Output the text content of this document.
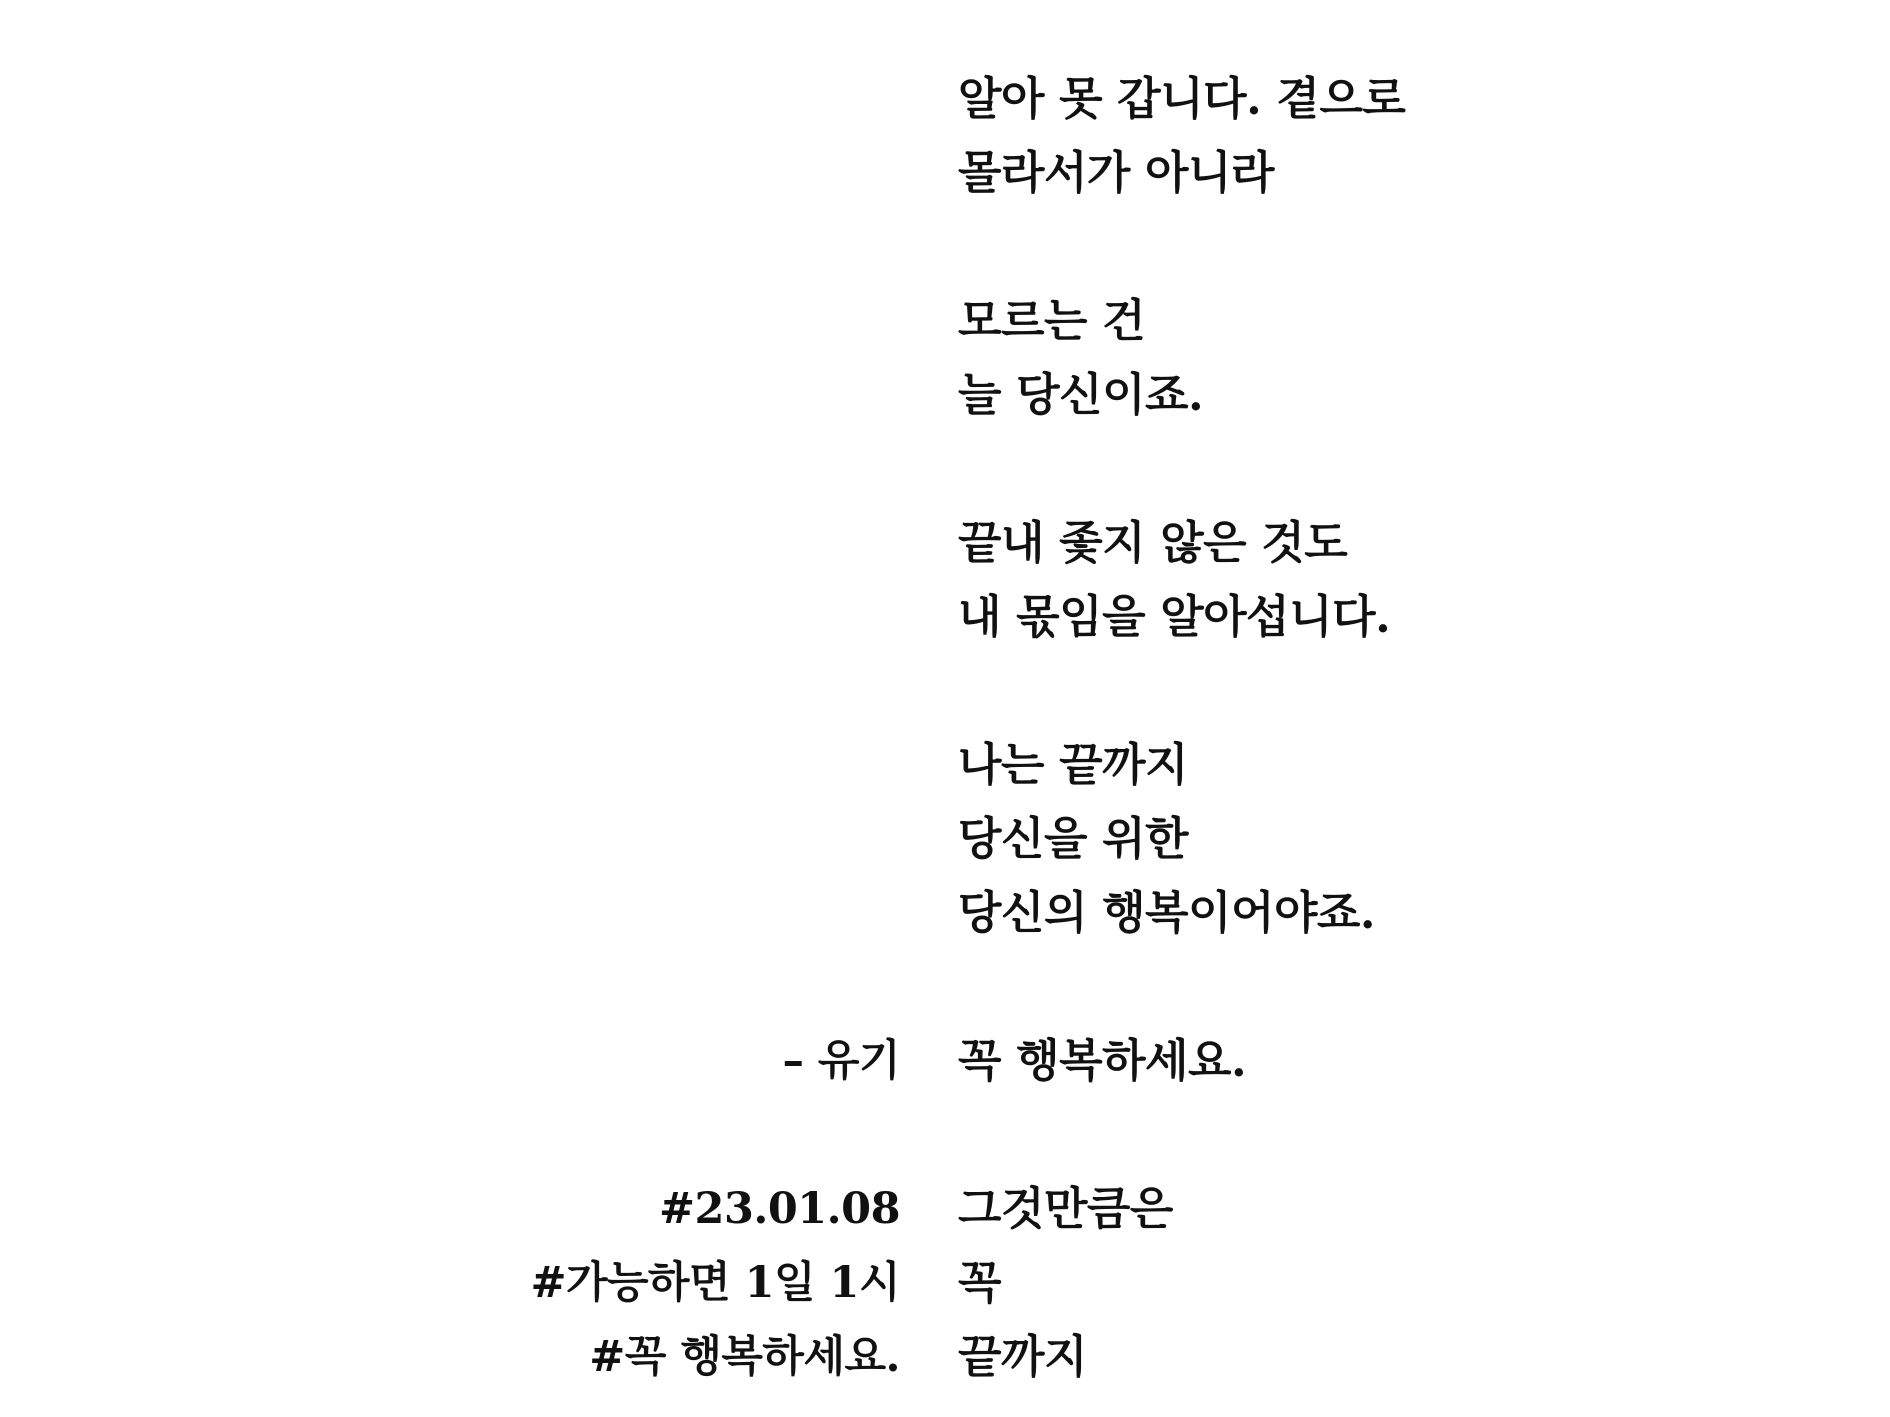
알아 못 갑니다. 곁으로
몰라서가 아니라
모르는 건
늘 당신이죠.
끝내 좇지 않은 것도
내 몫임을 알아섭니다.
나는 끝까지
당신을 위한
당신의 행복이어야죠.
꼭 행복하세요.
그것만큼은
꼭
끝까지
– 유기
#23.01.08
#가능하면 1일 1시
#꼭 행복하세요.
